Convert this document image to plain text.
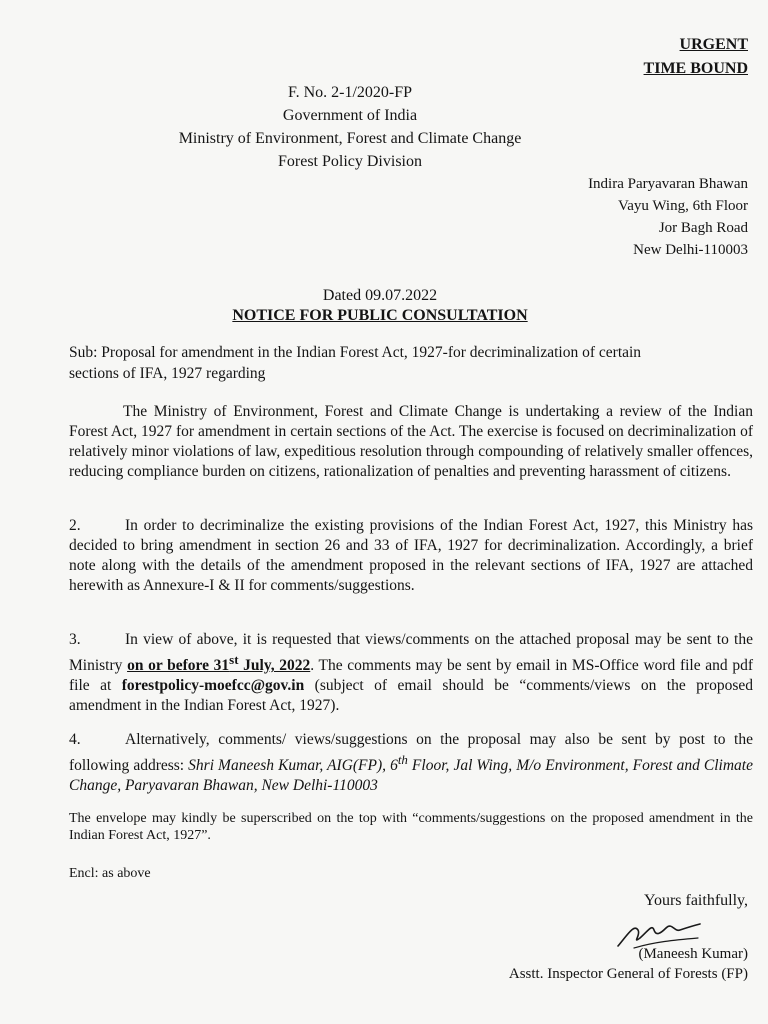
URGENT
TIME BOUND
F. No. 2-1/2020-FP
Government of India
Ministry of Environment, Forest and Climate Change
Forest Policy Division
Indira Paryavaran Bhawan
Vayu Wing, 6th Floor
Jor Bagh Road
New Delhi-110003
Dated 09.07.2022
NOTICE FOR PUBLIC CONSULTATION
Sub: Proposal for amendment in the Indian Forest Act, 1927-for decriminalization of certain
sections of IFA, 1927 regarding
The Ministry of Environment, Forest and Climate Change is undertaking a review of the Indian Forest Act, 1927 for amendment in certain sections of the Act. The exercise is focused on decriminalization of relatively minor violations of law, expeditious resolution through compounding of relatively smaller offences, reducing compliance burden on citizens, rationalization of penalties and preventing harassment of citizens.
2.	In order to decriminalize the existing provisions of the Indian Forest Act, 1927, this Ministry has decided to bring amendment in section 26 and 33 of IFA, 1927 for decriminalization. Accordingly, a brief note along with the details of the amendment proposed in the relevant sections of IFA, 1927 are attached herewith as Annexure-I & II for comments/suggestions.
3.	In view of above, it is requested that views/comments on the attached proposal may be sent to the Ministry on or before 31st July, 2022. The comments may be sent by email in MS-Office word file and pdf file at forestpolicy-moefcc@gov.in (subject of email should be “comments/views on the proposed amendment in the Indian Forest Act, 1927).
4.	Alternatively, comments/ views/suggestions on the proposal may also be sent by post to the following address: Shri Maneesh Kumar, AIG(FP), 6th Floor, Jal Wing, M/o Environment, Forest and Climate Change, Paryavaran Bhawan, New Delhi-110003
The envelope may kindly be superscribed on the top with “comments/suggestions on the proposed amendment in the Indian Forest Act, 1927”.
Encl: as above
Yours faithfully,
(Maneesh Kumar)
Asstt. Inspector General of Forests (FP)
